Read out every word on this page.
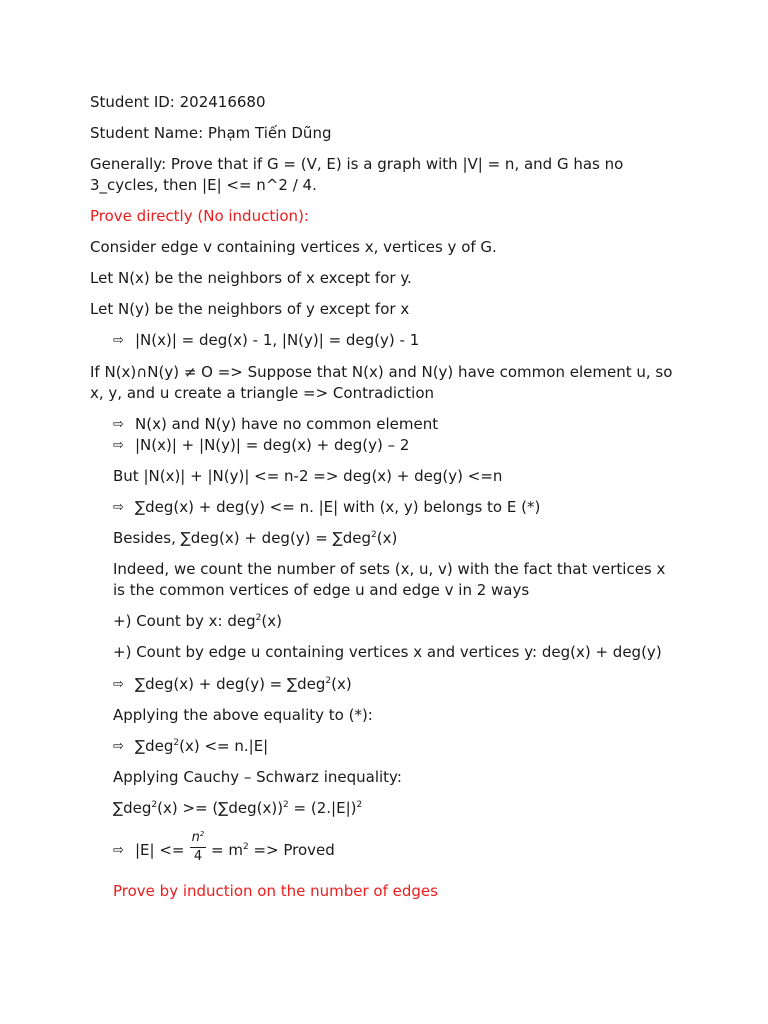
Student ID: 202416680
Student Name: Phạm Tiến Dũng
Generally: Prove that if G = (V, E) is a graph with |V| = n, and G has no
3_cycles, then |E| <= n^2 / 4.
Prove directly (No induction):
Consider edge v containing vertices x, vertices y of G.
Let N(x) be the neighbors of x except for y.
Let N(y) be the neighbors of y except for x
⇨ |N(x)| = deg(x) - 1, |N(y)| = deg(y) - 1
If N(x)∩N(y) ≠ O => Suppose that N(x) and N(y) have common element u, so
x, y, and u create a triangle => Contradiction
⇨ N(x) and N(y) have no common element
⇨ |N(x)| + |N(y)| = deg(x) + deg(y) – 2
But |N(x)| + |N(y)| <= n-2 => deg(x) + deg(y) <=n
⇨ ∑deg(x) + deg(y) <= n. |E| with (x, y) belongs to E (*)
Besides, ∑deg(x) + deg(y) = ∑deg$^2$(x)
Indeed, we count the number of sets (x, u, v) with the fact that vertices x
is the common vertices of edge u and edge v in 2 ways
+) Count by x: deg$^2$(x)
+) Count by edge u containing vertices x and vertices y: deg(x) + deg(y)
⇨ ∑deg(x) + deg(y) = ∑deg$^2$(x)
Applying the above equality to (*):
⇨ ∑deg$^2$(x) <= n.|E|
Applying Cauchy – Schwarz inequality:
$\sum deg^2(x) >= (\sum deg(x))^2 = (2.|E|)^2$
⇨ |E| <=
$n^2$
$4 = m^2$ => Proved
Prove by induction on the number of edges
